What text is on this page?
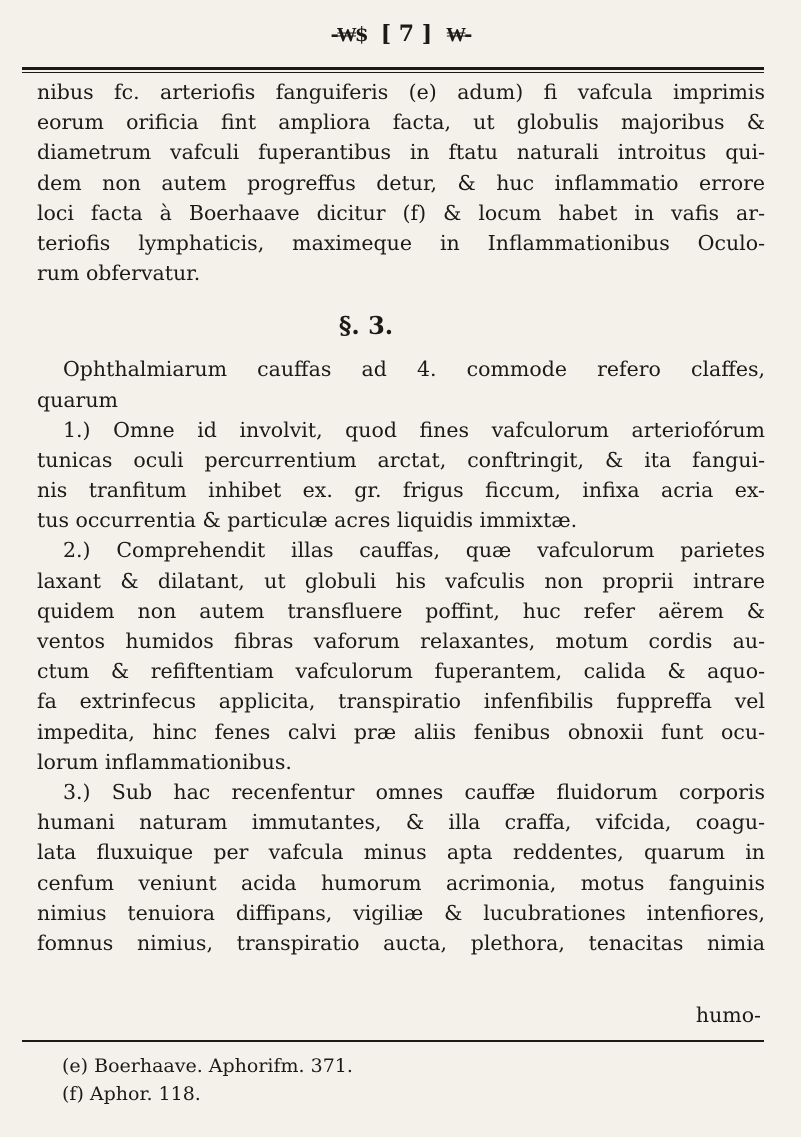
-₩$ [ 7 ] ₩-
nibus fc. arteriofis fanguiferis (e) adum) fi vafcula imprimis
eorum orificia fint ampliora facta, ut globulis majoribus &
diametrum vafculi fuperantibus in ftatu naturali introitus qui-
dem non autem progreffus detur, & huc inflammatio errore
loci facta à Boerhaave dicitur (f) & locum habet in vafis ar-
teriofis lymphaticis, maximeque in Inflammationibus Oculo-
rum obfervatur.
§. 3.
Ophthalmiarum cauffas ad 4. commode refero claffes,
quarum
1.) Omne id involvit, quod fines vafculorum arteriofórum
tunicas oculi percurrentium arctat, conftringit, & ita fangui-
nis tranfitum inhibet ex. gr. frigus ficcum, infixa acria ex-
tus occurrentia & particulæ acres liquidis immixtæ.
2.) Comprehendit illas cauffas, quæ vafculorum parietes
laxant & dilatant, ut globuli his vafculis non proprii intrare
quidem non autem transfluere poffint, huc refer aërem &
ventos humidos fibras vaforum relaxantes, motum cordis au-
ctum & refiftentiam vafculorum fuperantem, calida & aquo-
fa extrinfecus applicita, transpiratio infenfibilis fuppreffa vel
impedita, hinc fenes calvi præ aliis fenibus obnoxii funt ocu-
lorum inflammationibus.
3.) Sub hac recenfentur omnes cauffæ fluidorum corporis
humani naturam immutantes, & illa craffa, vifcida, coagu-
lata fluxuique per vafcula minus apta reddentes, quarum in
cenfum veniunt acida humorum acrimonia, motus fanguinis
nimius tenuiora diffipans, vigiliæ & lucubrationes intenfiores,
fomnus nimius, transpiratio aucta, plethora, tenacitas nimia
humo-
(e) Boerhaave. Aphorifm. 371.
(f) Aphor. 118.
